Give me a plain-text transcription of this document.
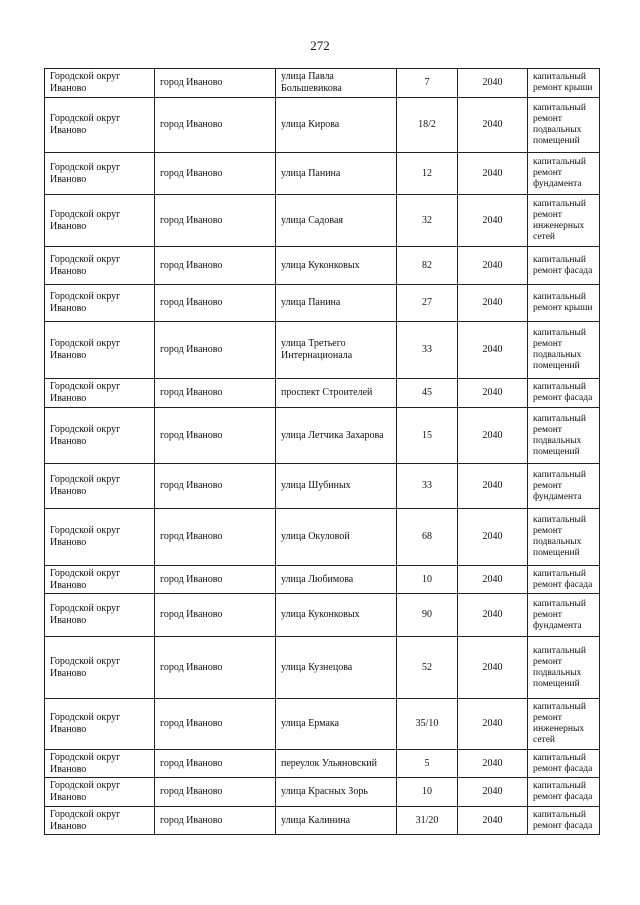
272
Городской округ Иваново	город Иваново	улица Павла Большевикова	7	2040	капитальный ремонт крыши
Городской округ Иваново	город Иваново	улица Кирова	18/2	2040	капитальный ремонт подвальных помещений
Городской округ Иваново	город Иваново	улица Панина	12	2040	капитальный ремонт фундамента
Городской округ Иваново	город Иваново	улица Садовая	32	2040	капитальный ремонт инженерных сетей
Городской округ Иваново	город Иваново	улица Куконковых	82	2040	капитальный ремонт фасада
Городской округ Иваново	город Иваново	улица Панина	27	2040	капитальный ремонт крыши
Городской округ Иваново	город Иваново	улица Третьего Интернационала	33	2040	капитальный ремонт подвальных помещений
Городской округ Иваново	город Иваново	проспект Строителей	45	2040	капитальный ремонт фасада
Городской округ Иваново	город Иваново	улица Летчика Захарова	15	2040	капитальный ремонт подвальных помещений
Городской округ Иваново	город Иваново	улица Шубиных	33	2040	капитальный ремонт фундамента
Городской округ Иваново	город Иваново	улица Окуловой	68	2040	капитальный ремонт подвальных помещений
Городской округ Иваново	город Иваново	улица Любимова	10	2040	капитальный ремонт фасада
Городской округ Иваново	город Иваново	улица Куконковых	90	2040	капитальный ремонт фундамента
Городской округ Иваново	город Иваново	улица Кузнецова	52	2040	капитальный ремонт подвальных помещений
Городской округ Иваново	город Иваново	улица Ермака	35/10	2040	капитальный ремонт инженерных сетей
Городской округ Иваново	город Иваново	переулок Ульяновский	5	2040	капитальный ремонт фасада
Городской округ Иваново	город Иваново	улица Красных Зорь	10	2040	капитальный ремонт фасада
Городской округ Иваново	город Иваново	улица Калинина	31/20	2040	капитальный ремонт фасада
